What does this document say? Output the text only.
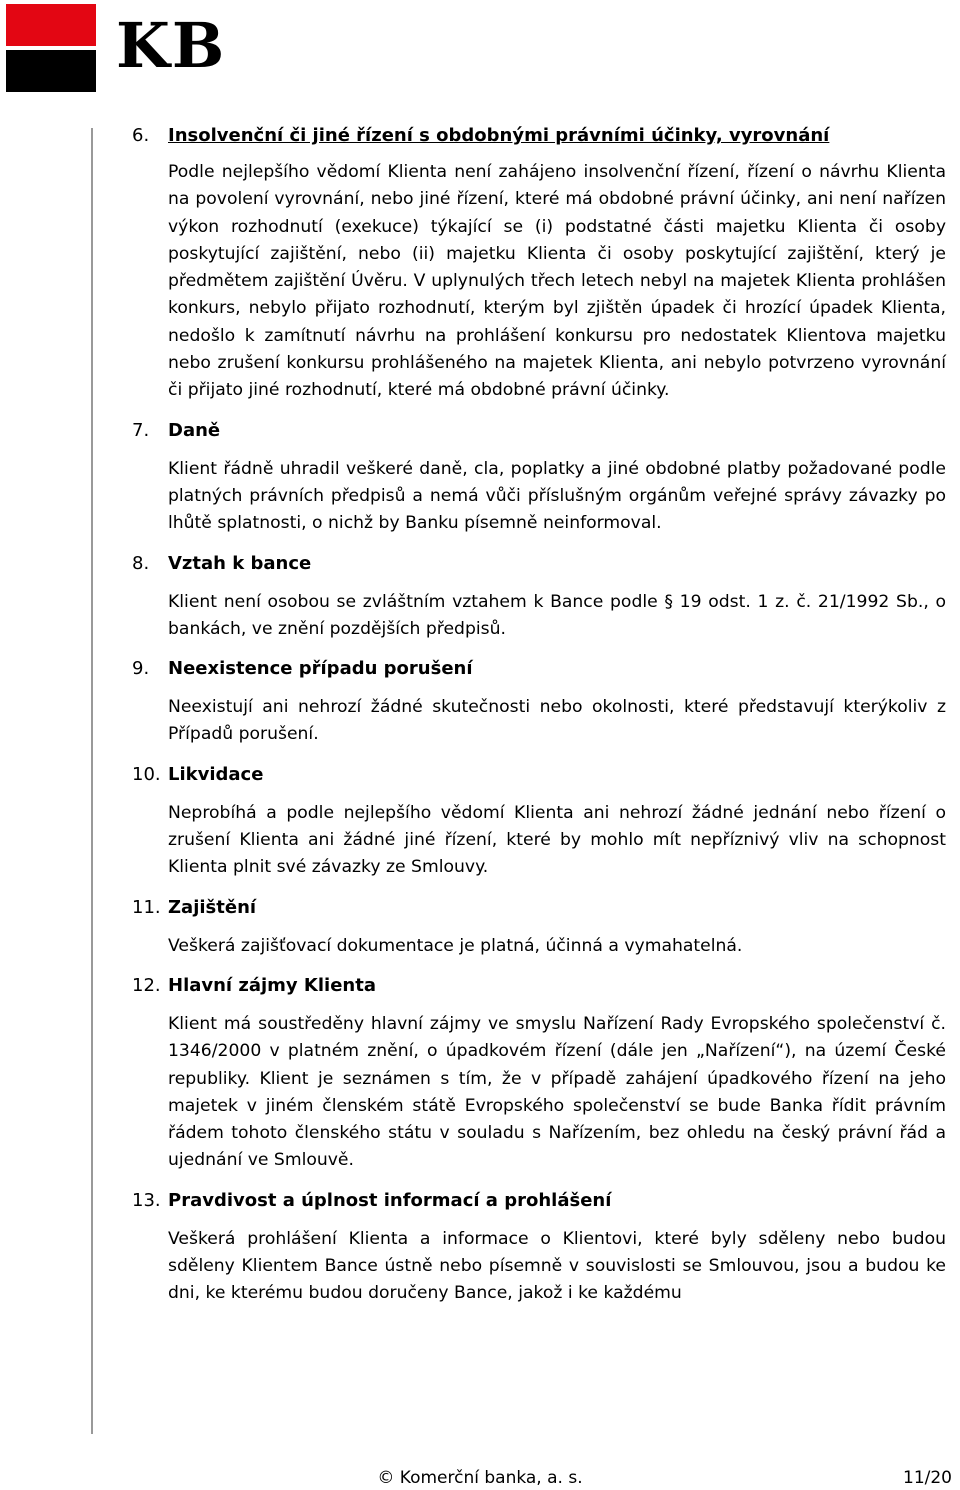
KB
6.	Insolvenční či jiné řízení s obdobnými právními účinky, vyrovnání

Podle nejlepšího vědomí Klienta není zahájeno insolvenční řízení, řízení o návrhu Klienta na povolení vyrovnání, nebo jiné řízení, které má obdobné právní účinky, ani není nařízen výkon rozhodnutí (exekuce) týkající se (i) podstatné části majetku Klienta či osoby poskytující zajištění, nebo (ii) majetku Klienta či osoby poskytující zajištění, který je předmětem zajištění Úvěru. V uplynulých třech letech nebyl na majetek Klienta prohlášen konkurs, nebylo přijato rozhodnutí, kterým byl zjištěn úpadek či hrozící úpadek Klienta, nedošlo k zamítnutí návrhu na prohlášení konkursu pro nedostatek Klientova majetku nebo zrušení konkursu prohlášeného na majetek Klienta, ani nebylo potvrzeno vyrovnání či přijato jiné rozhodnutí, které má obdobné právní účinky.

7.	Daně

Klient řádně uhradil veškeré daně, cla, poplatky a jiné obdobné platby požadované podle platných právních předpisů a nemá vůči příslušným orgánům veřejné správy závazky po lhůtě splatnosti, o nichž by Banku písemně neinformoval.

8.	Vztah k bance

Klient není osobou se zvláštním vztahem k Bance podle § 19 odst. 1 z. č. 21/1992 Sb., o bankách, ve znění pozdějších předpisů.

9.	Neexistence případu porušení

Neexistují ani nehrozí žádné skutečnosti nebo okolnosti, které představují kterýkoliv z Případů porušení.

10. Likvidace

Neprobíhá a podle nejlepšího vědomí Klienta ani nehrozí žádné jednání nebo řízení o zrušení Klienta ani žádné jiné řízení, které by mohlo mít nepříznivý vliv na schopnost Klienta plnit své závazky ze Smlouvy.

11. Zajištění

Veškerá zajišťovací dokumentace je platná, účinná a vymahatelná.

12. Hlavní zájmy Klienta

Klient má soustředěny hlavní zájmy ve smyslu Nařízení Rady Evropského společenství č. 1346/2000 v platném znění, o úpadkovém řízení (dále jen „Nařízení“), na území České republiky. Klient je seznámen s tím, že v případě zahájení úpadkového řízení na jeho majetek v jiném členském státě Evropského společenství se bude Banka řídit právním řádem tohoto členského státu v souladu s Nařízením, bez ohledu na český právní řád a ujednání ve Smlouvě.

13. Pravdivost a úplnost informací a prohlášení

Veškerá prohlášení Klienta a informace o Klientovi, které byly sděleny nebo budou sděleny Klientem Bance ústně nebo písemně v souvislosti se Smlouvou, jsou a budou ke dni, ke kterému budou doručeny Bance, jakož i ke každému

© Komerční banka, a. s.	11/20
